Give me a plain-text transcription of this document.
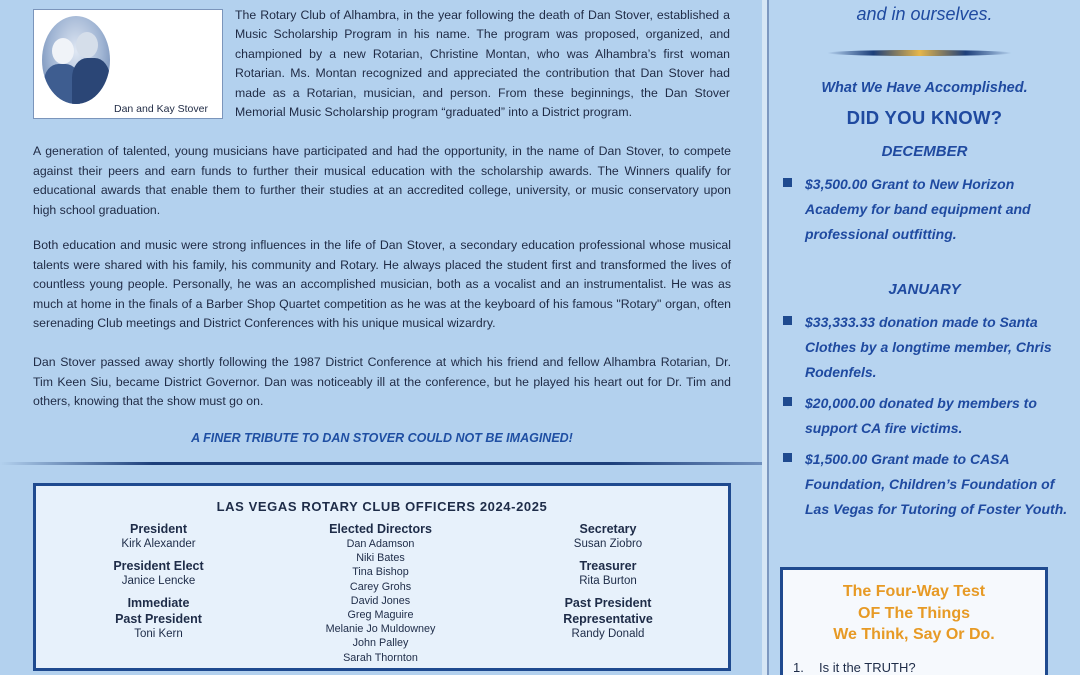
Dan and Kay Stover
The Rotary Club of Alhambra, in the year following the death of Dan Stover, established a Music Scholarship Program in his name. The program was proposed, organized, and championed by a new Rotarian, Christine Montan, who was Alhambra’s first woman Rotarian. Ms. Montan recognized and appreciated the contribution that Dan Stover had made as a Rotarian, musician, and person. From these beginnings, the Dan Stover Memorial Music Scholarship program “graduated” into a District program.
A generation of talented, young musicians have participated and had the opportunity, in the name of Dan Stover, to compete against their peers and earn funds to further their musical education with the scholarship awards. The Winners qualify for educational awards that enable them to further their studies at an accredited college, university, or music conservatory upon high school graduation.
Both education and music were strong influences in the life of Dan Stover, a secondary education professional whose musical talents were shared with his family, his community and Rotary. He always placed the student first and transformed the lives of countless young people. Personally, he was an accomplished musician, both as a vocalist and an instrumentalist. He was as much at home in the finals of a Barber Shop Quartet competition as he was at the keyboard of his famous "Rotary" organ, often serenading Club meetings and District Conferences with his unique musical wizardry.
Dan Stover passed away shortly following the 1987 District Conference at which his friend and fellow Alhambra Rotarian, Dr. Tim Keen Siu, became District Governor. Dan was noticeably ill at the conference, but he played his heart out for Dr. Tim and others, knowing that the show must go on.
A FINER TRIBUTE TO DAN STOVER COULD NOT BE IMAGINED!
LAS VEGAS ROTARY CLUB OFFICERS 2024-2025
President
Kirk Alexander
President Elect
Janice Lencke
Immediate
Past President
Toni Kern
Elected Directors
Dan Adamson
Niki Bates
Tina Bishop
Carey Grohs
David Jones
Greg Maguire
Melanie Jo Muldowney
John Palley
Sarah Thornton
Secretary
Susan Ziobro
Treasurer
Rita Burton
Past President
Representative
Randy Donald
and in ourselves.
What We Have Accomplished.
DID YOU KNOW?
DECEMBER
$3,500.00 Grant to New Horizon Academy for band equipment and professional outfitting.
JANUARY
$33,333.33 donation made to Santa Clothes by a longtime member, Chris Rodenfels.
$20,000.00 donated by members to support CA fire victims.
$1,500.00 Grant made to CASA Foundation, Children’s Foundation of Las Vegas for Tutoring of Foster Youth.
The Four-Way Test
OF The Things
We Think, Say Or Do.
1. Is it the TRUTH?
